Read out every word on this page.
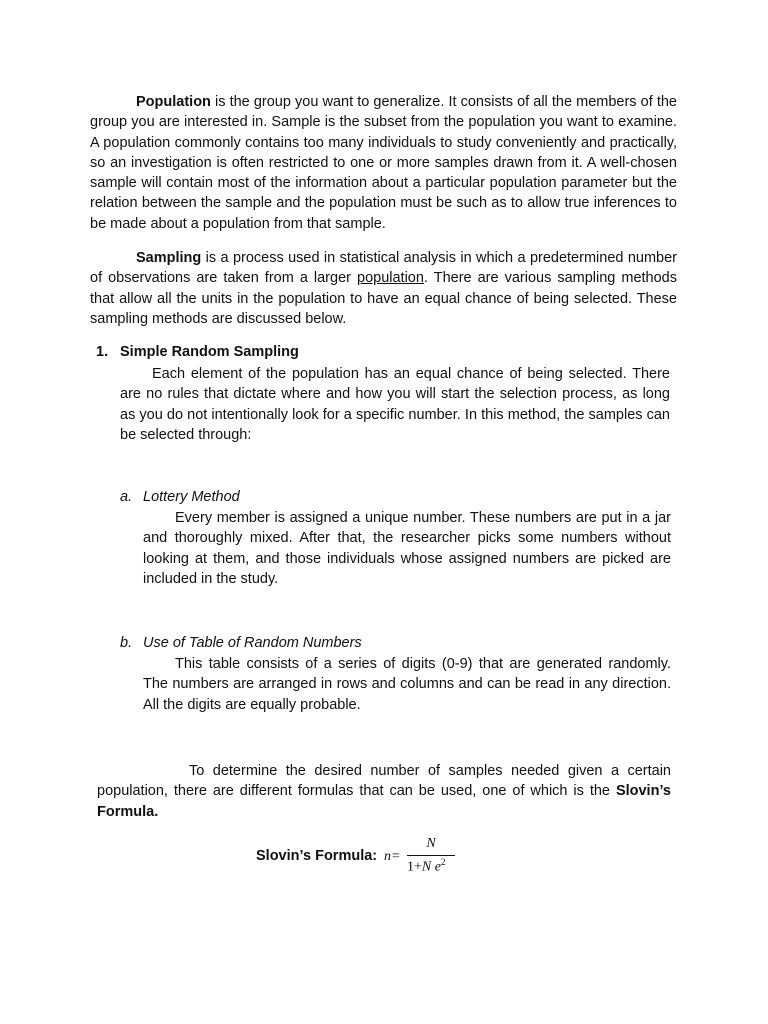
Population is the group you want to generalize. It consists of all the members of the group you are interested in. Sample is the subset from the population you want to examine. A population commonly contains too many individuals to study conveniently and practically, so an investigation is often restricted to one or more samples drawn from it. A well-chosen sample will contain most of the information about a particular population parameter but the relation between the sample and the population must be such as to allow true inferences to be made about a population from that sample.

Sampling is a process used in statistical analysis in which a predetermined number of observations are taken from a larger population. There are various sampling methods that allow all the units in the population to have an equal chance of being selected. These sampling methods are discussed below.

1. Simple Random Sampling

Each element of the population has an equal chance of being selected. There are no rules that dictate where and how you will start the selection process, as long as you do not intentionally look for a specific number. In this method, the samples can be selected through:

a. Lottery Method

Every member is assigned a unique number. These numbers are put in a jar and thoroughly mixed. After that, the researcher picks some numbers without looking at them, and those individuals whose assigned numbers are picked are included in the study.

b. Use of Table of Random Numbers

This table consists of a series of digits (0-9) that are generated randomly. The numbers are arranged in rows and columns and can be read in any direction. All the digits are equally probable.

To determine the desired number of samples needed given a certain population, there are different formulas that can be used, one of which is the Slovin’s Formula.

Slovin’s Formula: n=
N
1+N $e^2$
